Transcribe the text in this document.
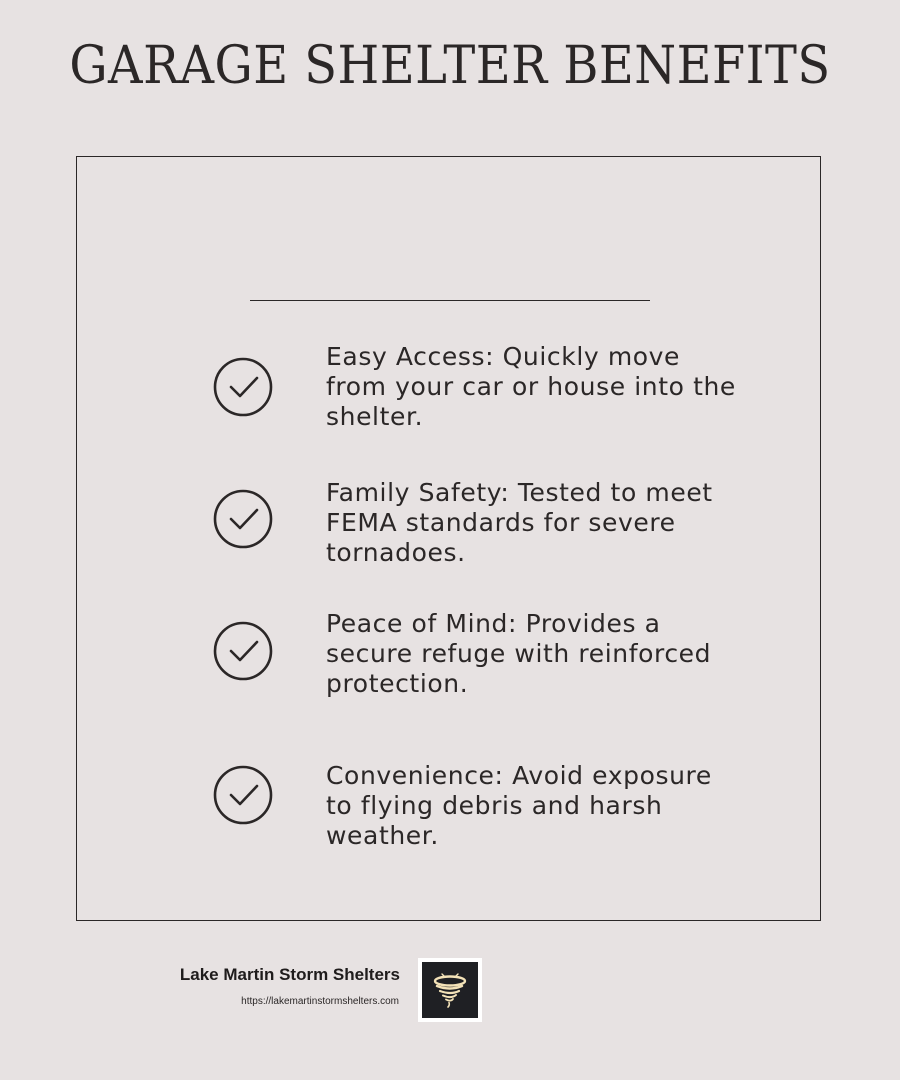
GARAGE SHELTER BENEFITS

Easy Access: Quickly move from your car or house into the shelter.

Family Safety: Tested to meet FEMA standards for severe tornadoes.

Peace of Mind: Provides a secure refuge with reinforced protection.

Convenience: Avoid exposure to flying debris and harsh weather.

Lake Martin Storm Shelters
https://lakemartinstormshelters.com
